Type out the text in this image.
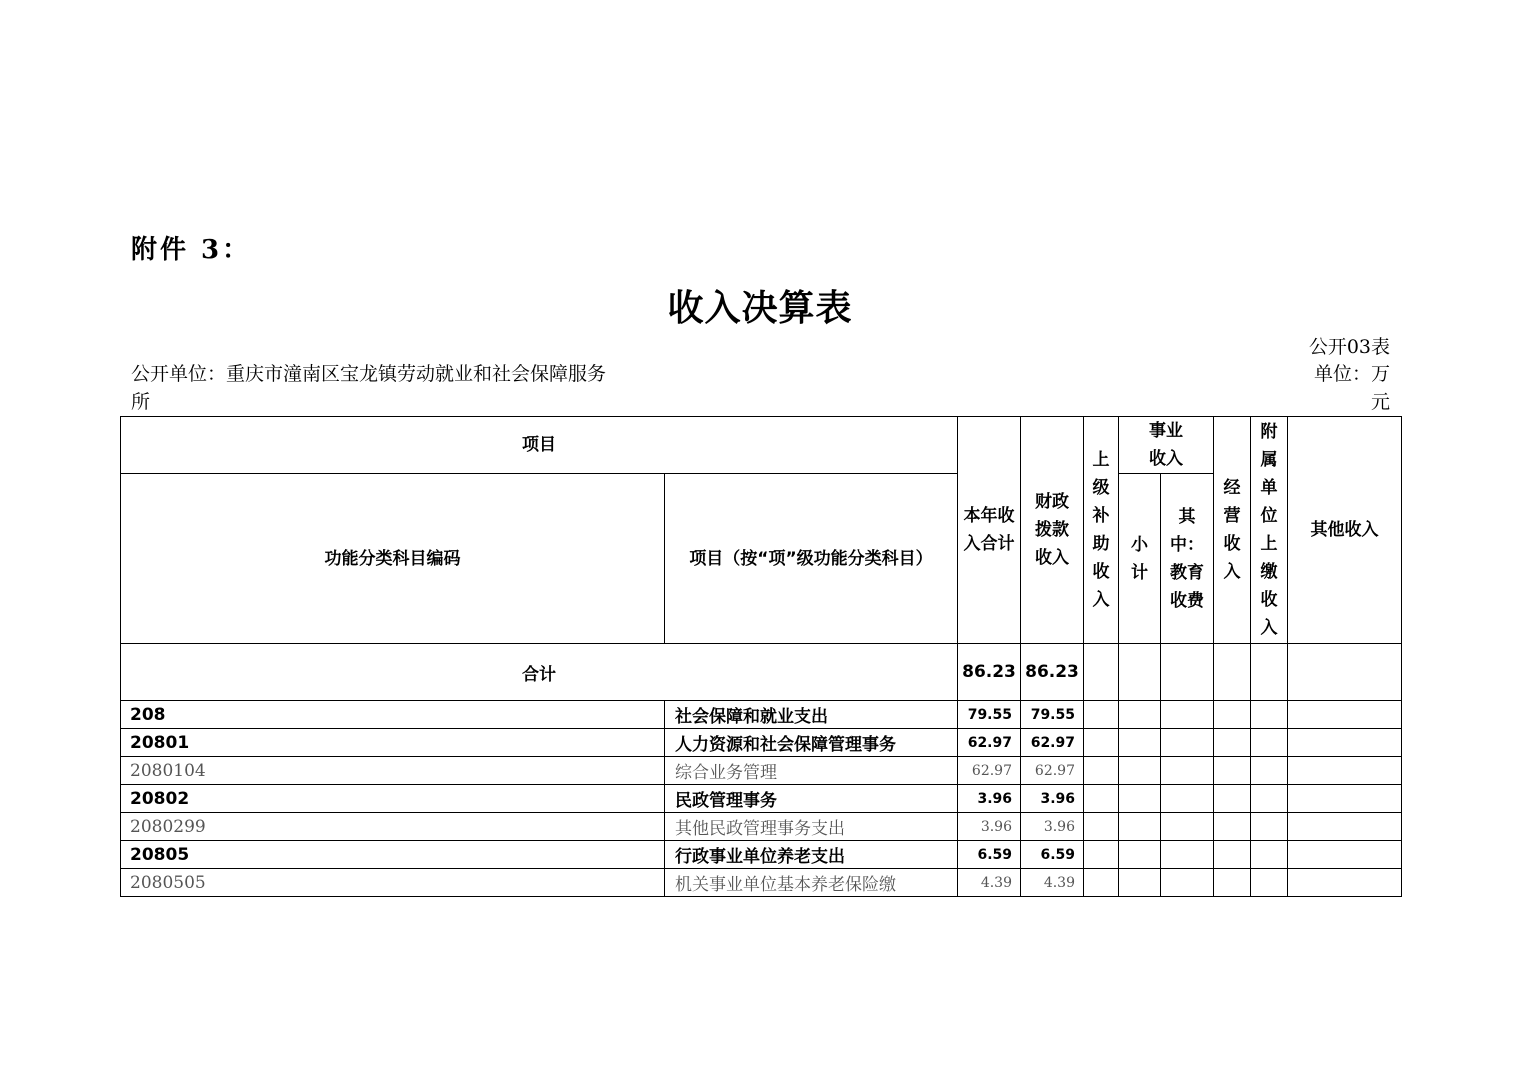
附件 3：
收入决算表
公开03表
公开单位：重庆市潼南区宝龙镇劳动就业和社会保障服务所
单位：万元
项目		本年收入合计	财政拨款收入	上级补助收入	事业收入		经营收入	附属单位上缴收入	其他收入
功能分类科目编码	项目（按“项”级功能分类科目）				小计	其中：教育收费			

合计		86.23	86.23						
208	社会保障和就业支出	79.55	79.55						
20801	人力资源和社会保障管理事务	62.97	62.97						
2080104	综合业务管理	62.97	62.97						
20802	民政管理事务	3.96	3.96						
2080299	其他民政管理事务支出	3.96	3.96						
20805	行政事业单位养老支出	6.59	6.59						
2080505	机关事业单位基本养老保险缴	4.39	4.39						
